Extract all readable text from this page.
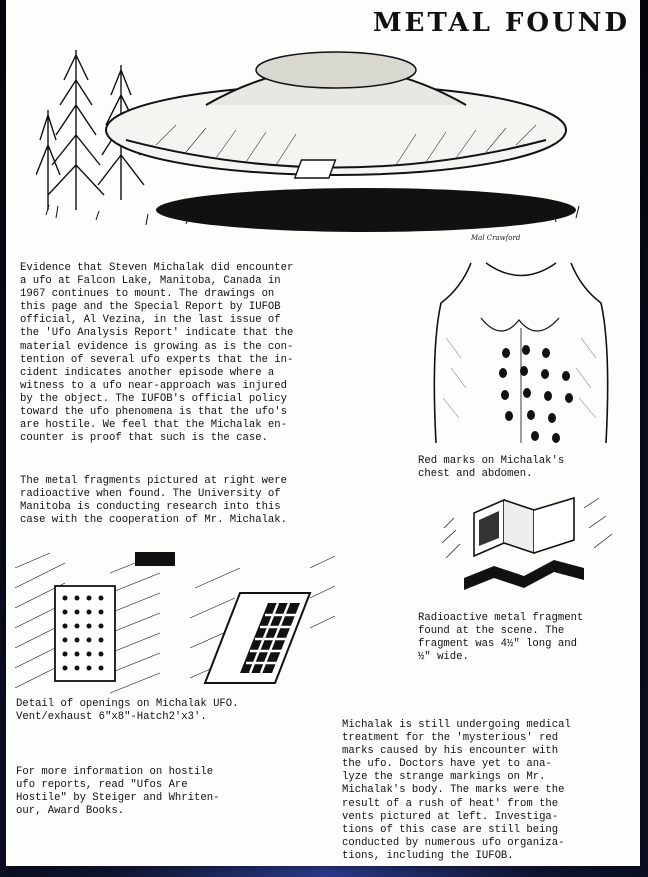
METAL FOUND
Mal Crawford

Evidence that Steven Michalak did encounter
a ufo at Falcon Lake, Manitoba, Canada in
1967 continues to mount. The drawings on
this page and the Special Report by IUFOB
official, Al Vezina, in the last issue of
the 'Ufo Analysis Report' indicate that the
material evidence is growing as is the con-
tention of several ufo experts that the in-
cident indicates another episode where a
witness to a ufo near-approach was injured
by the object. The IUFOB's official policy
toward the ufo phenomena is that the ufo's
are hostile. We feel that the Michalak en-
counter is proof that such is the case.

The metal fragments pictured at right were
radioactive when found. The University of
Manitoba is conducting research into this
case with the cooperation of Mr. Michalak.

Red marks on Michalak's
chest and abdomen.

Radioactive metal fragment
found at the scene. The
fragment was 4½" long and
½" wide.

Detail of openings on Michalak UFO.
Vent/exhaust 6"x8"-Hatch2'x3'.

For more information on hostile
ufo reports, read "Ufos Are
Hostile" by Steiger and Whriten-
our, Award Books.

Michalak is still undergoing medical
treatment for the 'mysterious' red
marks caused by his encounter with
the ufo. Doctors have yet to ana-
lyze the strange markings on Mr.
Michalak's body. The marks were the
result of a rush of heat' from the
vents pictured at left. Investiga-
tions of this case are still being
conducted by numerous ufo organiza-
tions, including the IUFOB.
